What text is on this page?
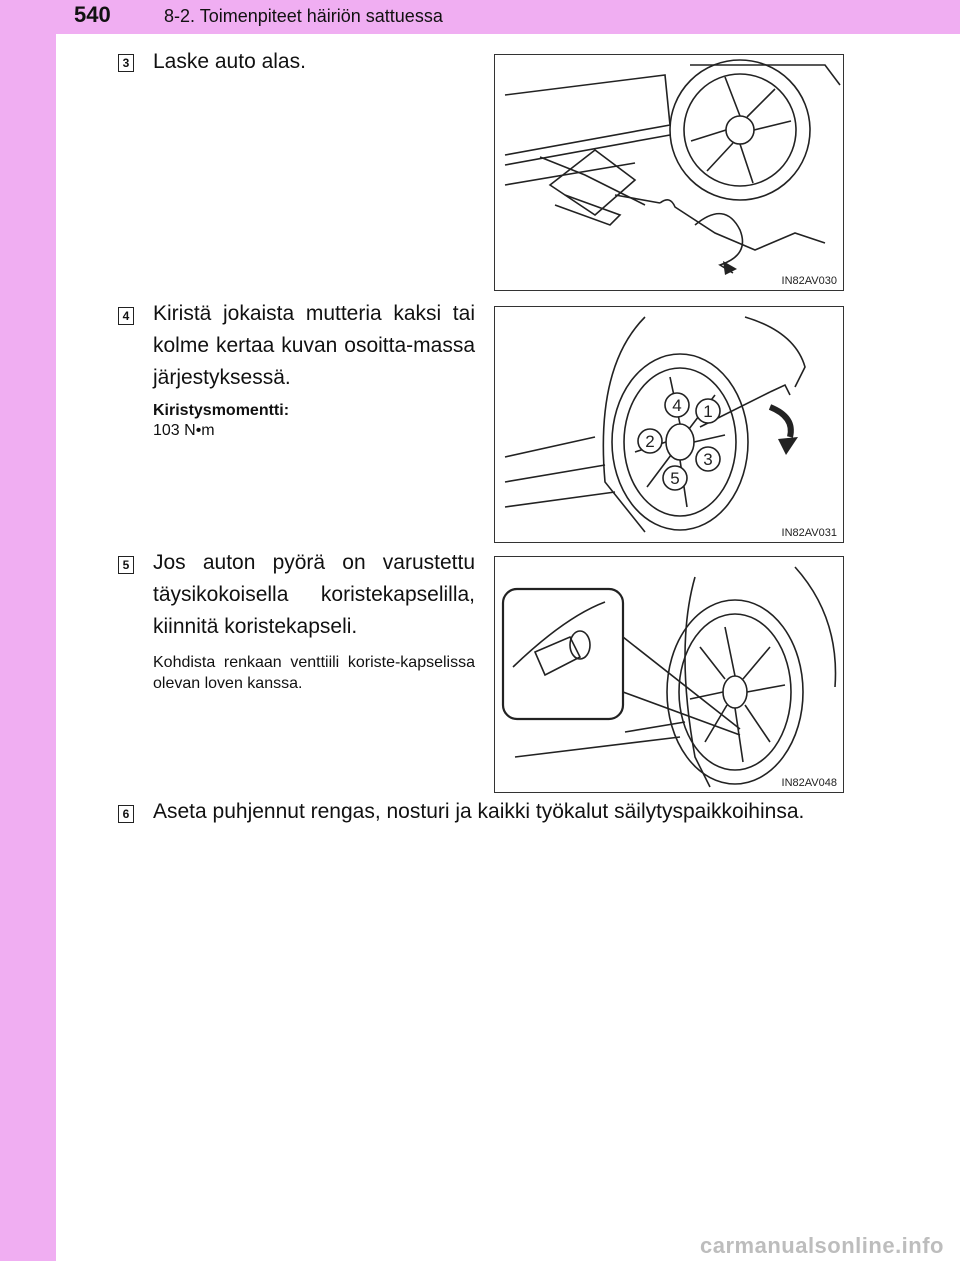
540	8-2. Toimenpiteet häiriön sattuessa
3 Laske auto alas.
IN82AV030
4 Kiristä jokaista mutteria kaksi tai kolme kertaa kuvan osoitta-massa järjestyksessä.
Kiristysmomentti:
103 N•m
1
2
3
4
5
IN82AV031
5 Jos auton pyörä on varustettu täysikokoisella koristekapselilla, kiinnitä koristekapseli.
Kohdista renkaan venttiili koriste-kapselissa olevan loven kanssa.
IN82AV048
6 Aseta puhjennut rengas, nosturi ja kaikki työkalut säilytyspaikkoihinsa.
carmanualsonline.info
